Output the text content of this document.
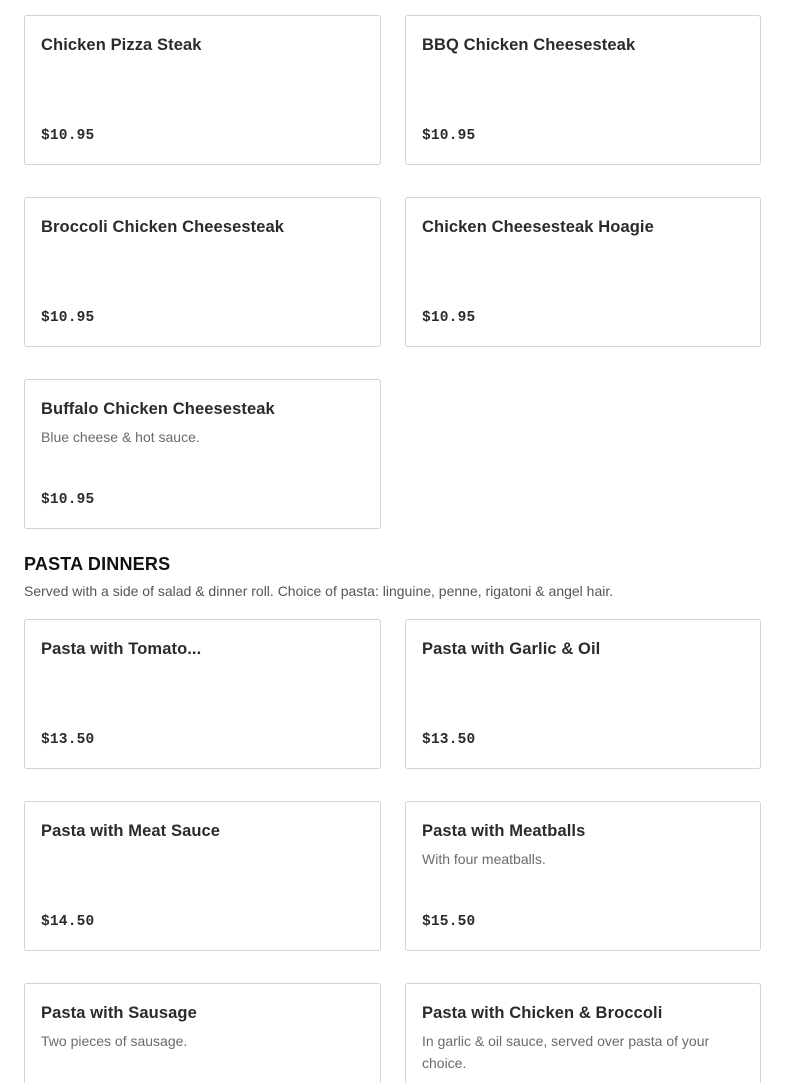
Chicken Pizza Steak
$10.95
BBQ Chicken Cheesesteak
$10.95
Broccoli Chicken Cheesesteak
$10.95
Chicken Cheesesteak Hoagie
$10.95
Buffalo Chicken Cheesesteak
Blue cheese & hot sauce.
$10.95
PASTA DINNERS
Served with a side of salad & dinner roll. Choice of pasta: linguine, penne, rigatoni & angel hair.
Pasta with Tomato...
$13.50
Pasta with Garlic & Oil
$13.50
Pasta with Meat Sauce
$14.50
Pasta with Meatballs
With four meatballs.
$15.50
Pasta with Sausage
Two pieces of sausage.
Pasta with Chicken & Broccoli
In garlic & oil sauce, served over pasta of your choice.
